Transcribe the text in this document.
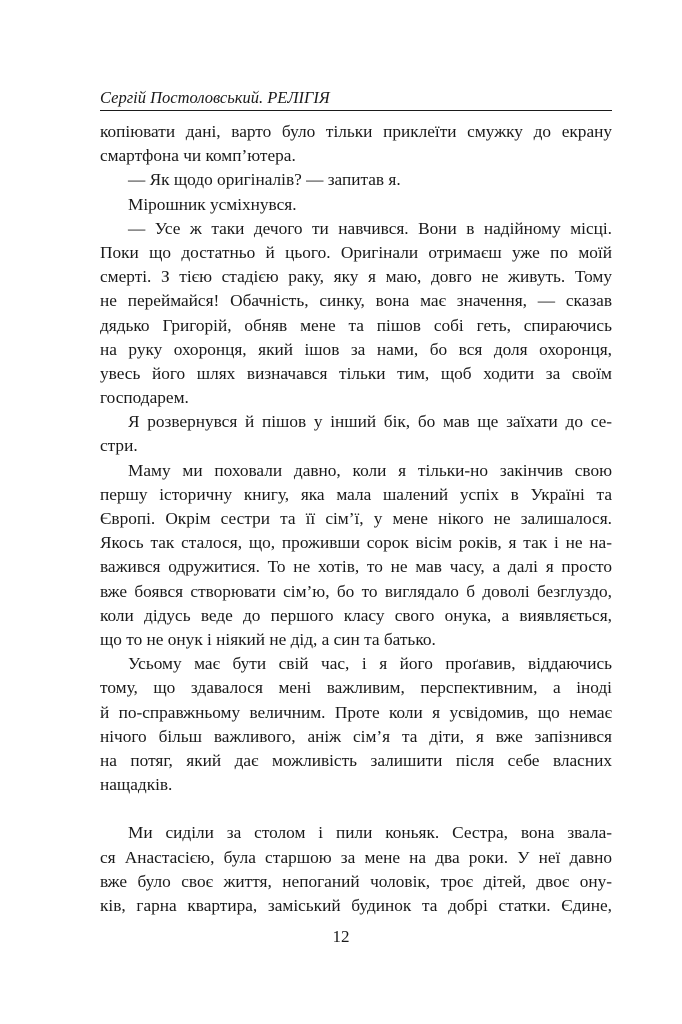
Сергій Постоловський. РЕЛІГІЯ
копіювати дані, варто було тільки приклеїти смужку до екрану
смартфона чи комп’ютера.
— Як щодо оригіналів? — запитав я.
Мірошник усміхнувся.
— Усе ж таки дечого ти навчився. Вони в надійному місці.
Поки що достатньо й цього. Оригінали отримаєш уже по моїй
смерті. З тією стадією раку, яку я маю, довго не живуть. Тому
не переймайся! Обачність, синку, вона має значення, — сказав
дядько Григорій, обняв мене та пішов собі геть, спираючись
на руку охоронця, який ішов за нами, бо вся доля охоронця,
увесь його шлях визначався тільки тим, щоб ходити за своїм
господарем.
Я розвернувся й пішов у інший бік, бо мав ще заїхати до се-
стри.
Маму ми поховали давно, коли я тільки-но закінчив свою
першу історичну книгу, яка мала шалений успіх в Україні та
Європі. Окрім сестри та її сім’ї, у мене нікого не залишалося.
Якось так сталося, що, проживши сорок вісім років, я так і не на-
важився одружитися. То не хотів, то не мав часу, а далі я просто
вже боявся створювати сім’ю, бо то виглядало б доволі безглуздо,
коли дідусь веде до першого класу свого онука, а виявляється,
що то не онук і ніякий не дід, а син та батько.
Усьому має бути свій час, і я його проґавив, віддаючись
тому, що здавалося мені важливим, перспективним, а іноді
й по-справжньому величним. Проте коли я усвідомив, що немає
нічого більш важливого, аніж сім’я та діти, я вже запізнився
на потяг, який дає можливість залишити після себе власних
нащадків.
Ми сиділи за столом і пили коньяк. Сестра, вона звала-
ся Анастасією, була старшою за мене на два роки. У неї давно
вже було своє життя, непоганий чоловік, троє дітей, двоє ону-
ків, гарна квартира, заміський будинок та добрі статки. Єдине,
12
